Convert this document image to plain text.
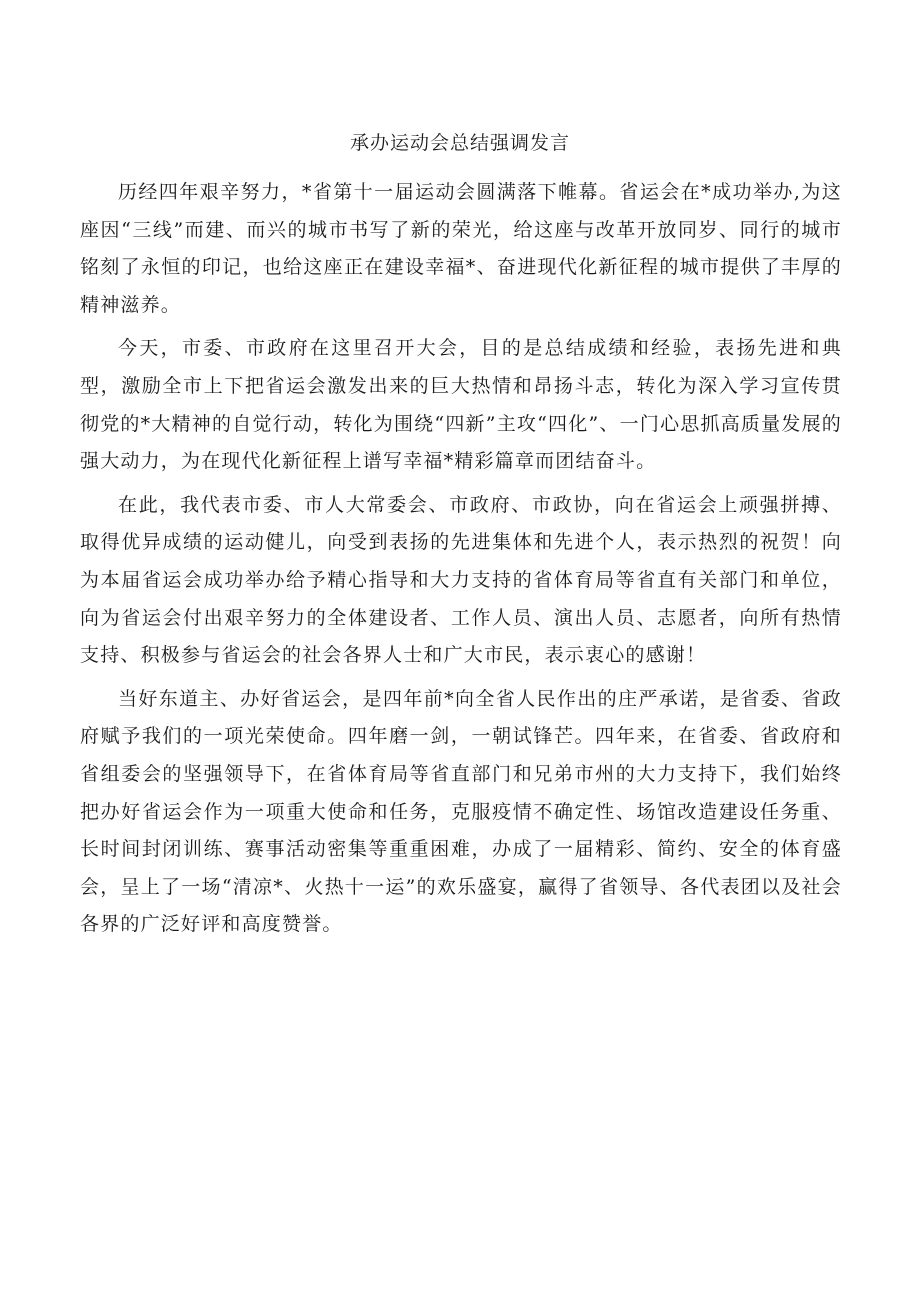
承办运动会总结强调发言

历经四年艰辛努力，*省第十一届运动会圆满落下帷幕。省运会在*成功举办,为这座因“三线”而建、而兴的城市书写了新的荣光，给这座与改革开放同岁、同行的城市铭刻了永恒的印记，也给这座正在建设幸福*、奋进现代化新征程的城市提供了丰厚的精神滋养。

今天，市委、市政府在这里召开大会，目的是总结成绩和经验，表扬先进和典型，激励全市上下把省运会激发出来的巨大热情和昂扬斗志，转化为深入学习宣传贯彻党的*大精神的自觉行动，转化为围绕“四新”主攻“四化”、一门心思抓高质量发展的强大动力，为在现代化新征程上谱写幸福*精彩篇章而团结奋斗。

在此，我代表市委、市人大常委会、市政府、市政协，向在省运会上顽强拼搏、取得优异成绩的运动健儿，向受到表扬的先进集体和先进个人，表示热烈的祝贺！向为本届省运会成功举办给予精心指导和大力支持的省体育局等省直有关部门和单位，向为省运会付出艰辛努力的全体建设者、工作人员、演出人员、志愿者，向所有热情支持、积极参与省运会的社会各界人士和广大市民，表示衷心的感谢！

当好东道主、办好省运会，是四年前*向全省人民作出的庄严承诺，是省委、省政府赋予我们的一项光荣使命。四年磨一剑，一朝试锋芒。四年来，在省委、省政府和省组委会的坚强领导下，在省体育局等省直部门和兄弟市州的大力支持下，我们始终把办好省运会作为一项重大使命和任务，克服疫情不确定性、场馆改造建设任务重、长时间封闭训练、赛事活动密集等重重困难，办成了一届精彩、简约、安全的体育盛会，呈上了一场“清凉*、火热十一运”的欢乐盛宴，赢得了省领导、各代表团以及社会各界的广泛好评和高度赞誉。
